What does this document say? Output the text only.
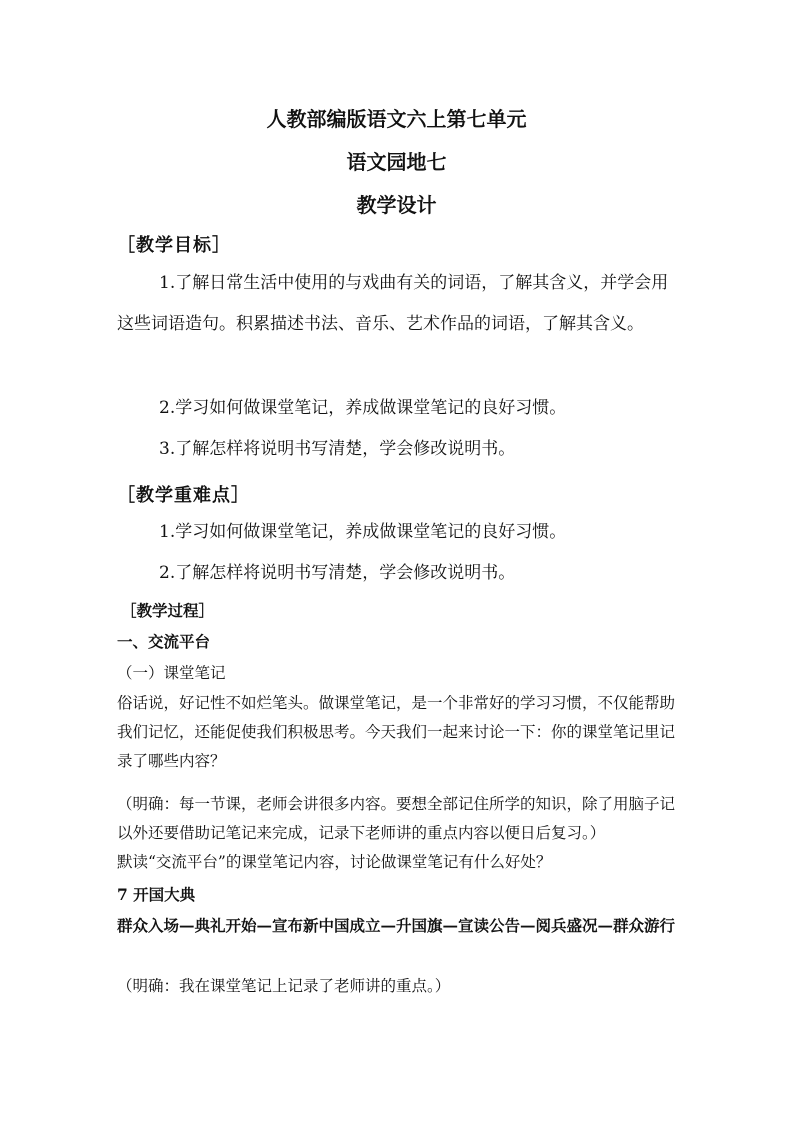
人教部编版语文六上第七单元
语文园地七
教学设计
［教学目标］

1.了解日常生活中使用的与戏曲有关的词语，了解其含义，并学会用这些词语造句。积累描述书法、音乐、艺术作品的词语，了解其含义。

2.学习如何做课堂笔记，养成做课堂笔记的良好习惯。

3.了解怎样将说明书写清楚，学会修改说明书。

［教学重难点］

1.学习如何做课堂笔记，养成做课堂笔记的良好习惯。

2.了解怎样将说明书写清楚，学会修改说明书。

［教学过程］
一、交流平台
（一）课堂笔记

俗话说，好记性不如烂笔头。做课堂笔记，是一个非常好的学习习惯，不仅能帮助我们记忆，还能促使我们积极思考。今天我们一起来讨论一下：你的课堂笔记里记录了哪些内容？

（明确：每一节课，老师会讲很多内容。要想全部记住所学的知识，除了用脑子记以外还要借助记笔记来完成，记录下老师讲的重点内容以便日后复习。）

默读“交流平台”的课堂笔记内容，讨论做课堂笔记有什么好处？

7 开国大典

群众入场—典礼开始—宣布新中国成立—升国旗—宣读公告—阅兵盛况—群众游行

（明确：我在课堂笔记上记录了老师讲的重点。）
